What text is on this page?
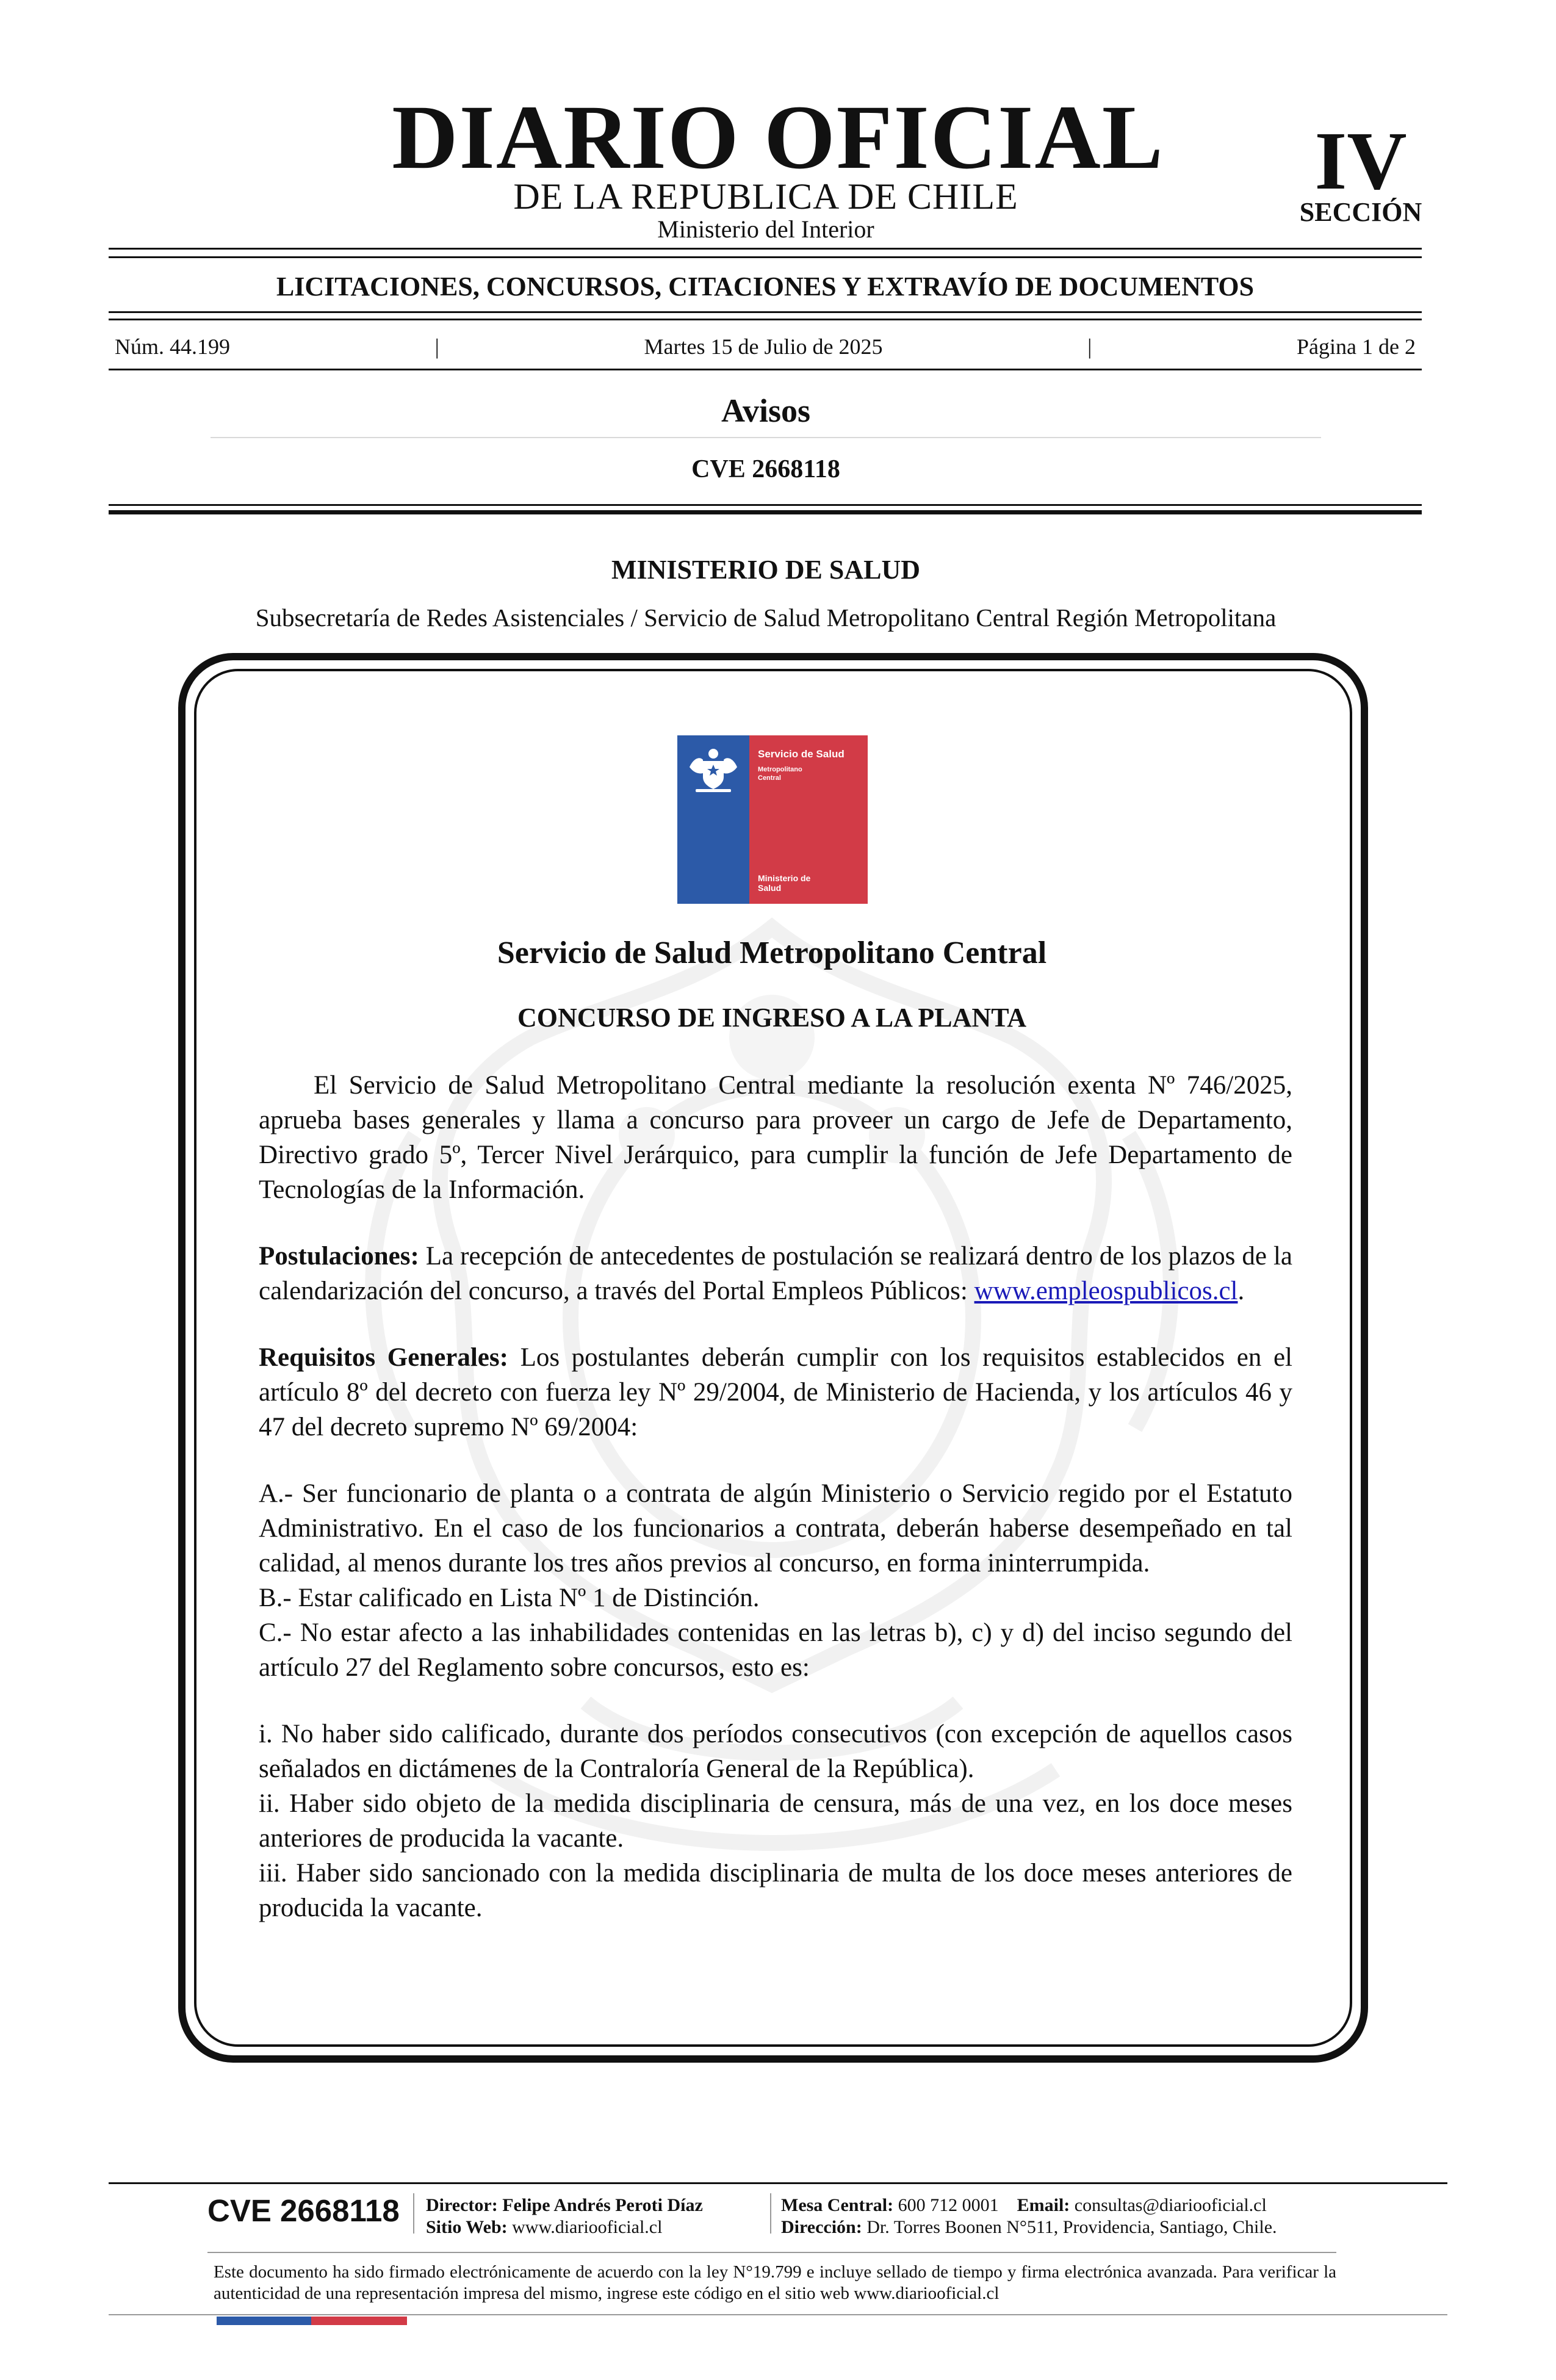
DIARIO OFICIAL
DE LA REPUBLICA DE CHILE
Ministerio del Interior
IV
SECCIÓN
LICITACIONES, CONCURSOS, CITACIONES Y EXTRAVÍO DE DOCUMENTOS
Núm. 44.199	|	Martes 15 de Julio de 2025	|	Página 1 de 2
Avisos
CVE 2668118
MINISTERIO DE SALUD
Subsecretaría de Redes Asistenciales / Servicio de Salud Metropolitano Central Región Metropolitana
Servicio de Salud
Metropolitano
Central
Ministerio de
Salud
Servicio de Salud Metropolitano Central
CONCURSO DE INGRESO A LA PLANTA

El Servicio de Salud Metropolitano Central mediante la resolución exenta Nº 746/2025, aprueba bases generales y llama a concurso para proveer un cargo de Jefe de Departamento, Directivo grado 5º, Tercer Nivel Jerárquico, para cumplir la función de Jefe Departamento de Tecnologías de la Información.

Postulaciones: La recepción de antecedentes de postulación se realizará dentro de los plazos de la calendarización del concurso, a través del Portal Empleos Públicos: www.empleospublicos.cl.

Requisitos Generales: Los postulantes deberán cumplir con los requisitos establecidos en el artículo 8º del decreto con fuerza ley Nº 29/2004, de Ministerio de Hacienda, y los artículos 46 y 47 del decreto supremo Nº 69/2004:

A.- Ser funcionario de planta o a contrata de algún Ministerio o Servicio regido por el Estatuto Administrativo. En el caso de los funcionarios a contrata, deberán haberse desempeñado en tal calidad, al menos durante los tres años previos al concurso, en forma ininterrumpida.

B.- Estar calificado en Lista Nº 1 de Distinción.

C.- No estar afecto a las inhabilidades contenidas en las letras b), c) y d) del inciso segundo del artículo 27 del Reglamento sobre concursos, esto es:

i. No haber sido calificado, durante dos períodos consecutivos (con excepción de aquellos casos señalados en dictámenes de la Contraloría General de la República).

ii. Haber sido objeto de la medida disciplinaria de censura, más de una vez, en los doce meses anteriores de producida la vacante.

iii. Haber sido sancionado con la medida disciplinaria de multa de los doce meses anteriores de producida la vacante.

CVE 2668118 Director: Felipe Andrés Peroti Díaz
Sitio Web: www.diariooficial.cl
Mesa Central: 600 712 0001 Email: consultas@diariooficial.cl
Dirección: Dr. Torres Boonen N°511, Providencia, Santiago, Chile.
Este documento ha sido firmado electrónicamente de acuerdo con la ley N°19.799 e incluye sellado de tiempo y firma electrónica avanzada. Para verificar la autenticidad de una representación impresa del mismo, ingrese este código en el sitio web www.diariooficial.cl
